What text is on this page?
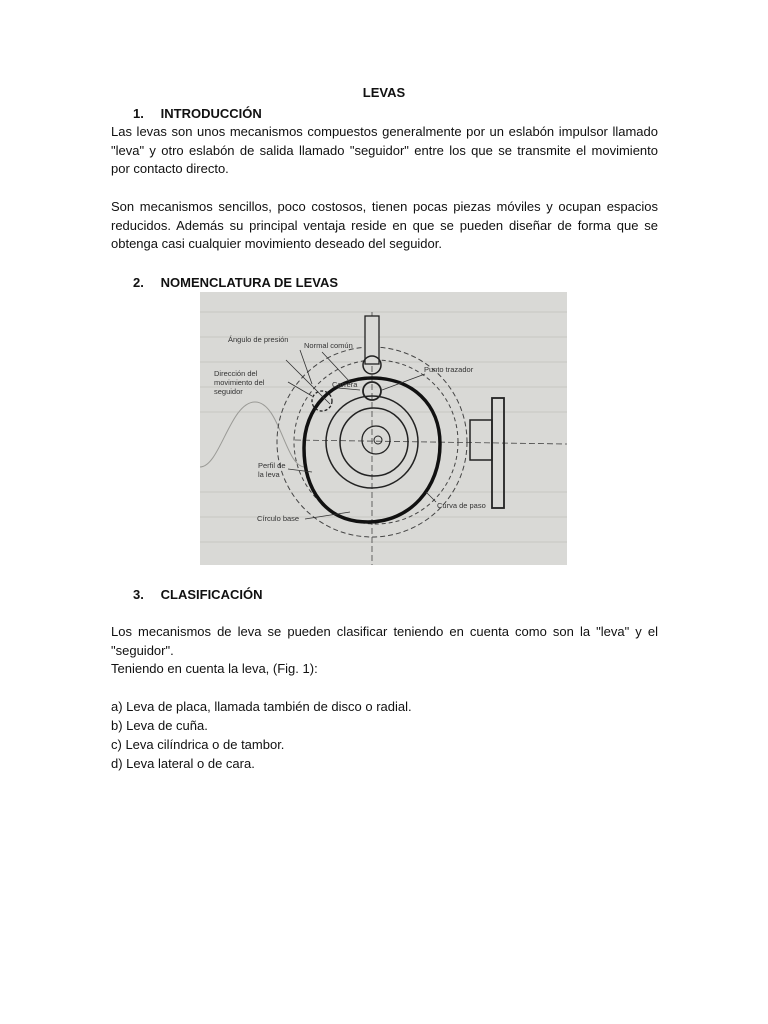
LEVAS
1. INTRODUCCIÓN
Las levas son unos mecanismos compuestos generalmente por un eslabón impulsor llamado
"leva" y otro eslabón de salida llamado "seguidor" entre los que se transmite el movimiento
por contacto directo.
Son mecanismos sencillos, poco costosos, tienen pocas piezas móviles y ocupan espacios
reducidos. Además su principal ventaja reside en que se pueden diseñar de forma que se
obtenga casi cualquier movimiento deseado del seguidor.
2. NOMENCLATURA DE LEVAS
Ángulo de presión
Normal común
Punto trazador
Dirección del
movimiento del
seguidor
Carrera
Perfil de
la leva
Curva de paso
Círculo base
3. CLASIFICACIÓN
Los mecanismos de leva se pueden clasificar teniendo en cuenta como son la "leva" y el
"seguidor".
Teniendo en cuenta la leva, (Fig. 1):
a) Leva de placa, llamada también de disco o radial.
b) Leva de cuña.
c) Leva cilíndrica o de tambor.
d) Leva lateral o de cara.
